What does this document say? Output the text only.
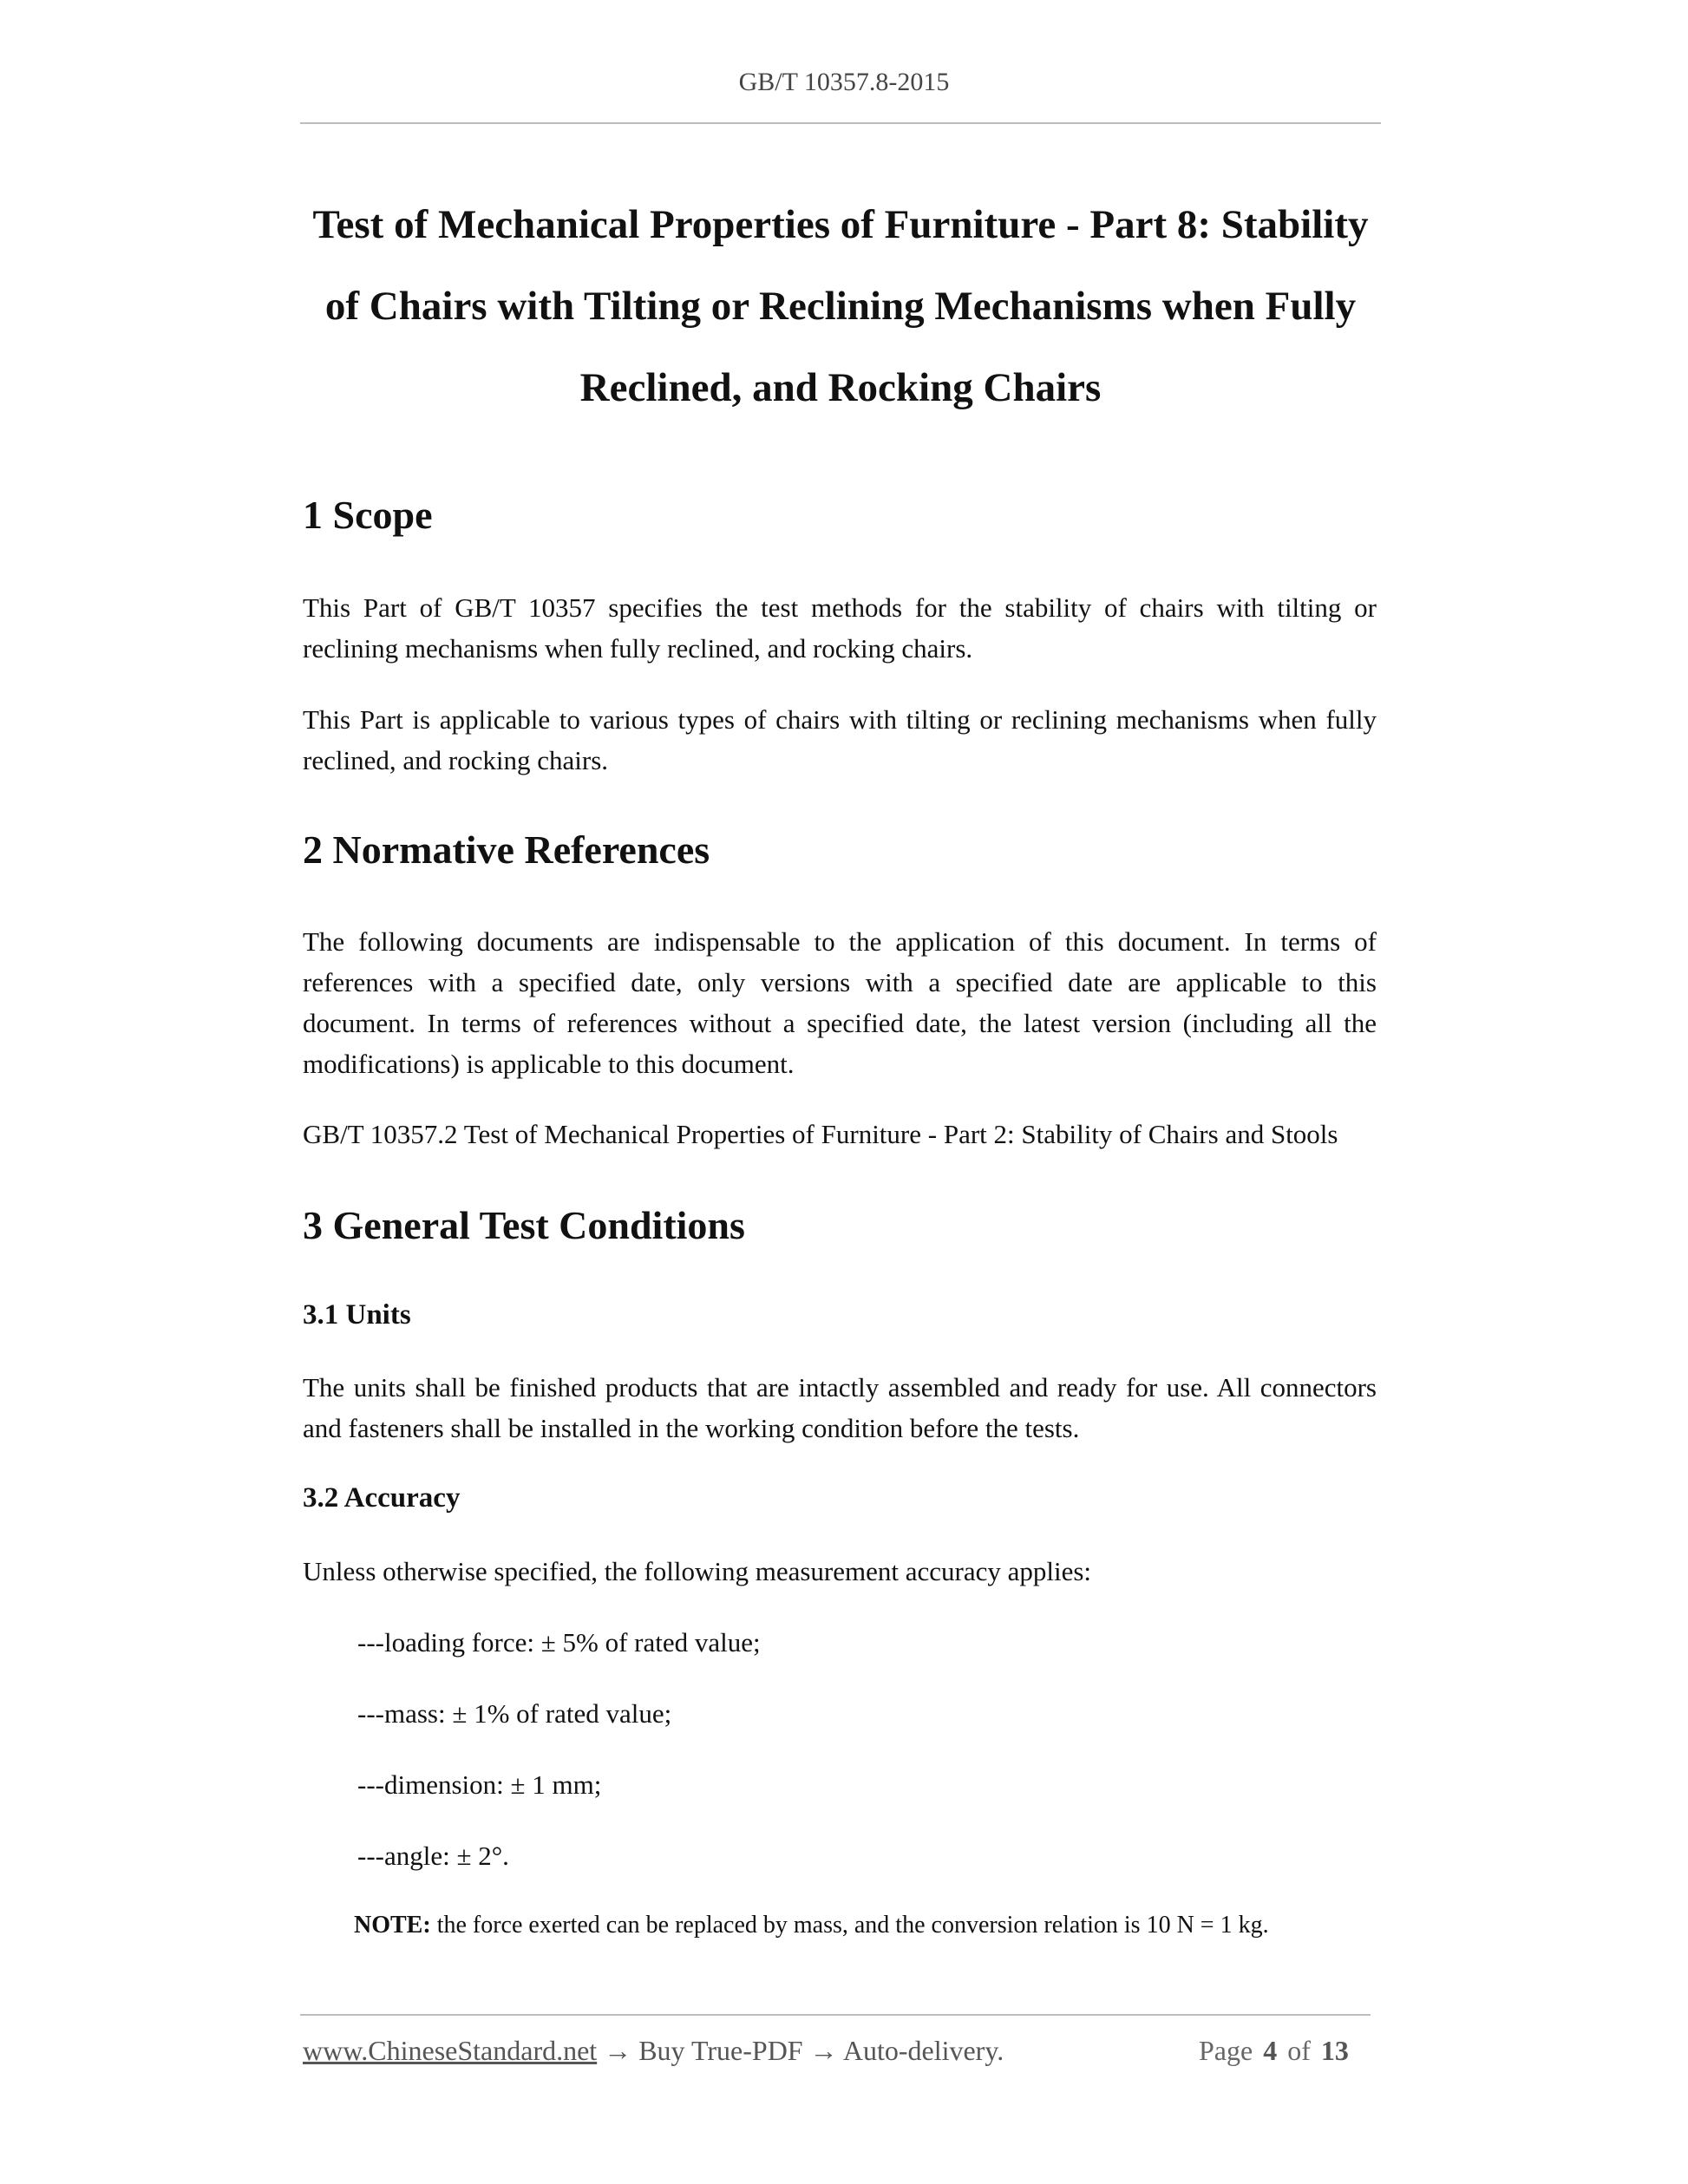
GB/T 10357.8-2015
Test of Mechanical Properties of Furniture - Part 8: Stability
of Chairs with Tilting or Reclining Mechanisms when Fully
Reclined, and Rocking Chairs
1 Scope

This Part of GB/T 10357 specifies the test methods for the stability of chairs with tilting or reclining mechanisms when fully reclined, and rocking chairs.

This Part is applicable to various types of chairs with tilting or reclining mechanisms when fully reclined, and rocking chairs.

2 Normative References

The following documents are indispensable to the application of this document. In terms of references with a specified date, only versions with a specified date are applicable to this document. In terms of references without a specified date, the latest version (including all the modifications) is applicable to this document.

GB/T 10357.2 Test of Mechanical Properties of Furniture - Part 2: Stability of Chairs and Stools

3 General Test Conditions
3.1 Units

The units shall be finished products that are intactly assembled and ready for use. All connectors and fasteners shall be installed in the working condition before the tests.

3.2 Accuracy

Unless otherwise specified, the following measurement accuracy applies:

---loading force: ± 5% of rated value;

---mass: ± 1% of rated value;

---dimension: ± 1 mm;

---angle: ± 2°.

NOTE: the force exerted can be replaced by mass, and the conversion relation is 10 N = 1 kg.

www.ChineseStandard.net → Buy True-PDF → Auto-delivery.	Page 4 of 13
